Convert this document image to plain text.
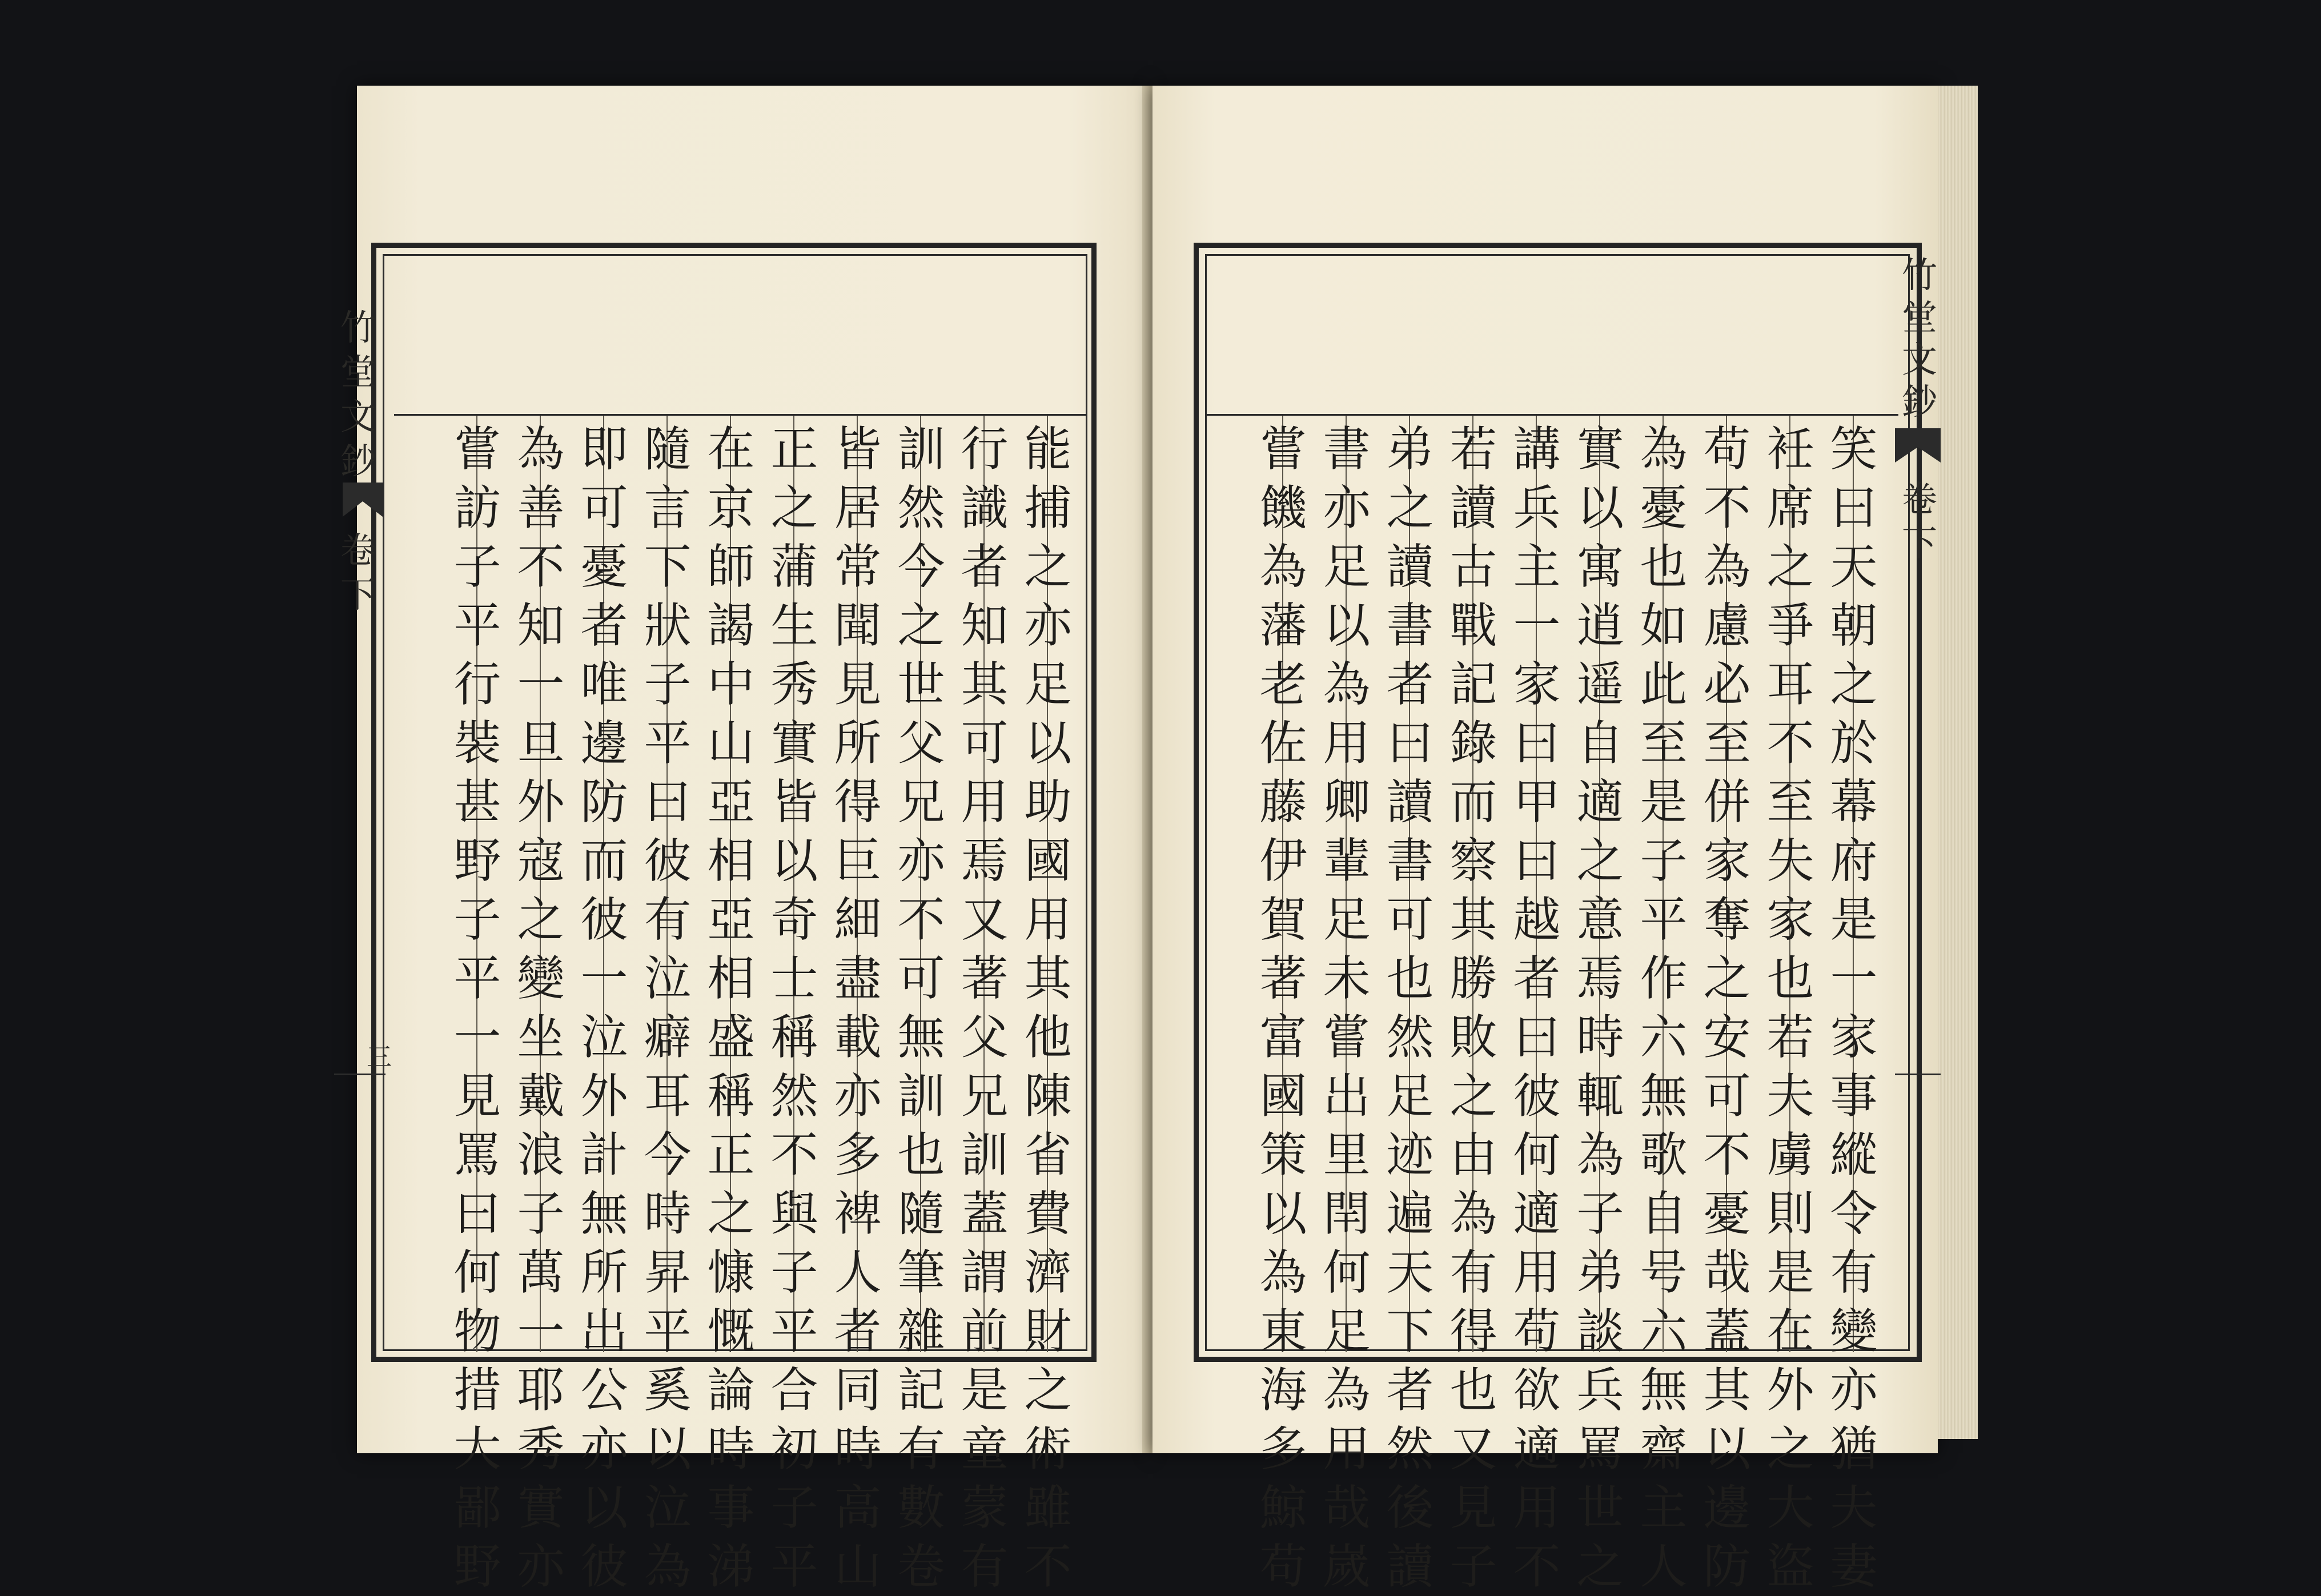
竹堂文鈔
卷下
三
能捕之亦足以助國用其他陳省費濟財之術雖不
行識者知其可用焉又著父兄訓蓋謂前是童蒙有
訓然今之世父兄亦不可無訓也隨筆雜記有數卷
皆居常聞見所得巨細盡載亦多裨人者同時高山
正之蒲生秀實皆以奇士稱然不與子平合初子平
在京師謁中山亞相亞相盛稱正之慷慨論時事涕
隨言下狀子平曰彼有泣癖耳今時昇平奚以泣為
即可憂者唯邊防而彼一泣外計無所出公亦以彼
為善不知一旦外寇之變坐戴浪子萬一耶秀實亦
嘗訪子平行裝甚野子平一見罵曰何物措大鄙野
竹堂文鈔
卷下
笑曰天朝之於幕府是一家事縱令有變亦猶夫妻
衽席之爭耳不至失家也若夫虜則是在外之大盜
苟不為慮必至併家奪之安可不憂哉蓋其以邊防
為憂也如此至是子平作六無歌自号六無齋主人
實以寓逍遥自適之意焉時輒為子弟談兵罵世之
講兵主一家曰甲曰越者曰彼何適用苟欲適用不
若讀古戰記錄而察其勝敗之由為有得也又見子
弟之讀書者曰讀書可也然足迹遍天下者然後讀
書亦足以為用卿輩足未嘗出里閈何足為用哉嵗
嘗饑為藩老佐藤伊賀著富國策以為東海多鯨苟
